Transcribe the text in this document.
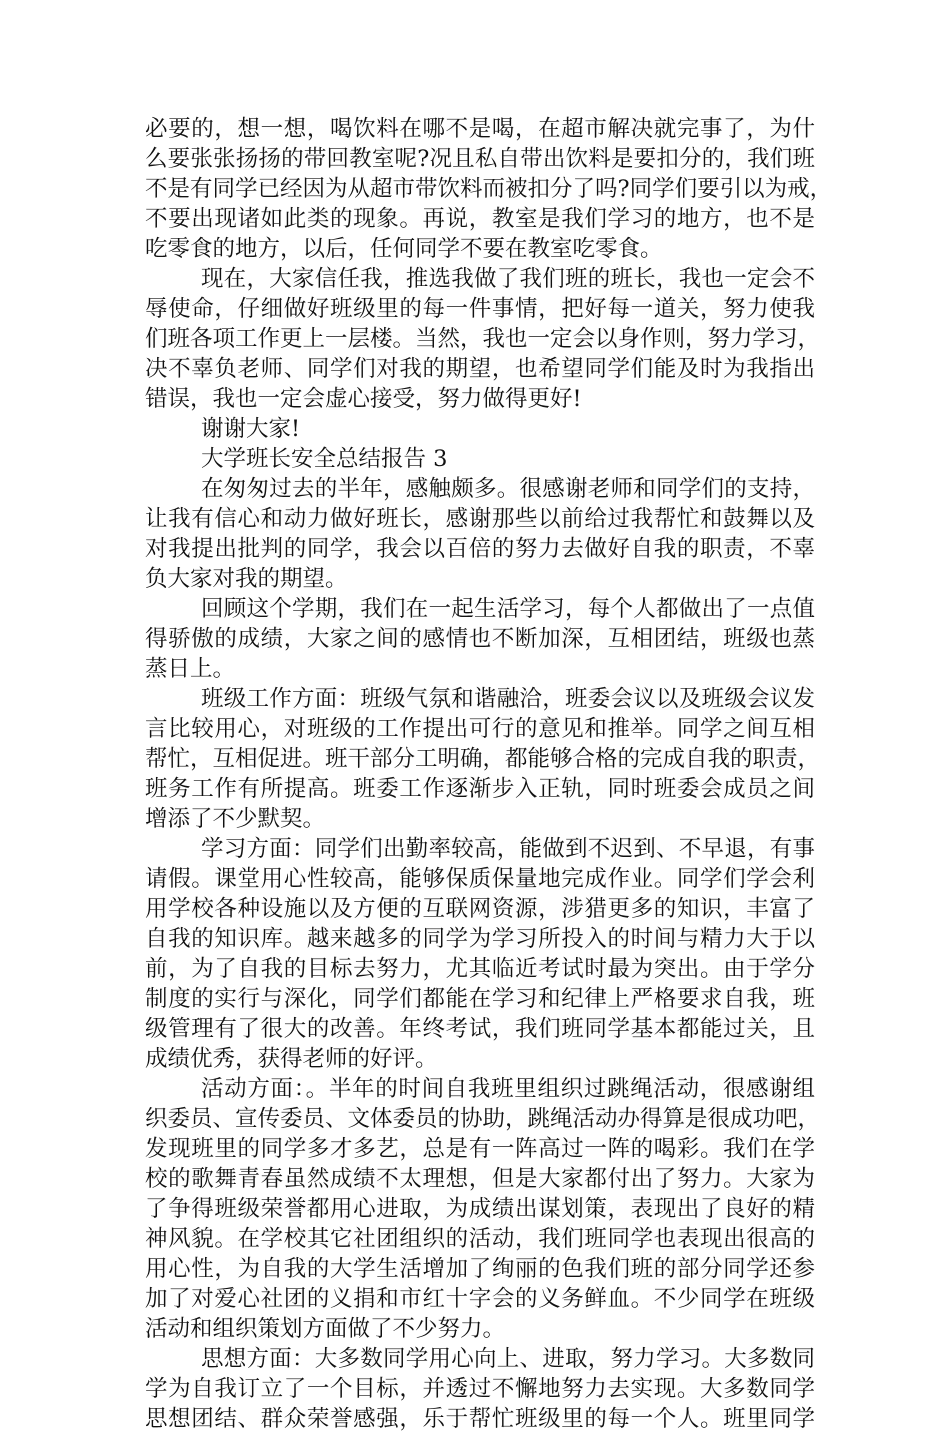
必要的，想一想，喝饮料在哪不是喝，在超市解决就完事了，为什
么要张张扬扬的带回教室呢?况且私自带出饮料是要扣分的，我们班
不是有同学已经因为从超市带饮料而被扣分了吗?同学们要引以为戒，
不要出现诸如此类的现象。再说，教室是我们学习的地方，也不是
吃零食的地方，以后，任何同学不要在教室吃零食。
现在，大家信任我，推选我做了我们班的班长，我也一定会不
辱使命，仔细做好班级里的每一件事情，把好每一道关，努力使我
们班各项工作更上一层楼。当然，我也一定会以身作则，努力学习，
决不辜负老师、同学们对我的期望，也希望同学们能及时为我指出
错误，我也一定会虚心接受，努力做得更好!
谢谢大家!
大学班长安全总结报告 3
在匆匆过去的半年，感触颇多。很感谢老师和同学们的支持，
让我有信心和动力做好班长，感谢那些以前给过我帮忙和鼓舞以及
对我提出批判的同学，我会以百倍的努力去做好自我的职责，不辜
负大家对我的期望。
回顾这个学期，我们在一起生活学习，每个人都做出了一点值
得骄傲的成绩，大家之间的感情也不断加深，互相团结，班级也蒸
蒸日上。
班级工作方面：班级气氛和谐融洽，班委会议以及班级会议发
言比较用心，对班级的工作提出可行的意见和推举。同学之间互相
帮忙，互相促进。班干部分工明确，都能够合格的完成自我的职责，
班务工作有所提高。班委工作逐渐步入正轨，同时班委会成员之间
增添了不少默契。
学习方面：同学们出勤率较高，能做到不迟到、不早退，有事
请假。课堂用心性较高，能够保质保量地完成作业。同学们学会利
用学校各种设施以及方便的互联网资源，涉猎更多的知识，丰富了
自我的知识库。越来越多的同学为学习所投入的时间与精力大于以
前，为了自我的目标去努力，尤其临近考试时最为突出。由于学分
制度的实行与深化，同学们都能在学习和纪律上严格要求自我，班
级管理有了很大的改善。年终考试，我们班同学基本都能过关，且
成绩优秀，获得老师的好评。
活动方面：。半年的时间自我班里组织过跳绳活动，很感谢组
织委员、宣传委员、文体委员的协助，跳绳活动办得算是很成功吧，
发现班里的同学多才多艺，总是有一阵高过一阵的喝彩。我们在学
校的歌舞青春虽然成绩不太理想，但是大家都付出了努力。大家为
了争得班级荣誉都用心进取，为成绩出谋划策，表现出了良好的精
神风貌。在学校其它社团组织的活动，我们班同学也表现出很高的
用心性，为自我的大学生活增加了绚丽的色我们班的部分同学还参
加了对爱心社团的义捐和市红十字会的义务鲜血。不少同学在班级
活动和组织策划方面做了不少努力。
思想方面：大多数同学用心向上、进取，努力学习。大多数同
学为自我订立了一个目标，并透过不懈地努力去实现。大多数同学
思想团结、群众荣誉感强，乐于帮忙班级里的每一个人。班里同学
